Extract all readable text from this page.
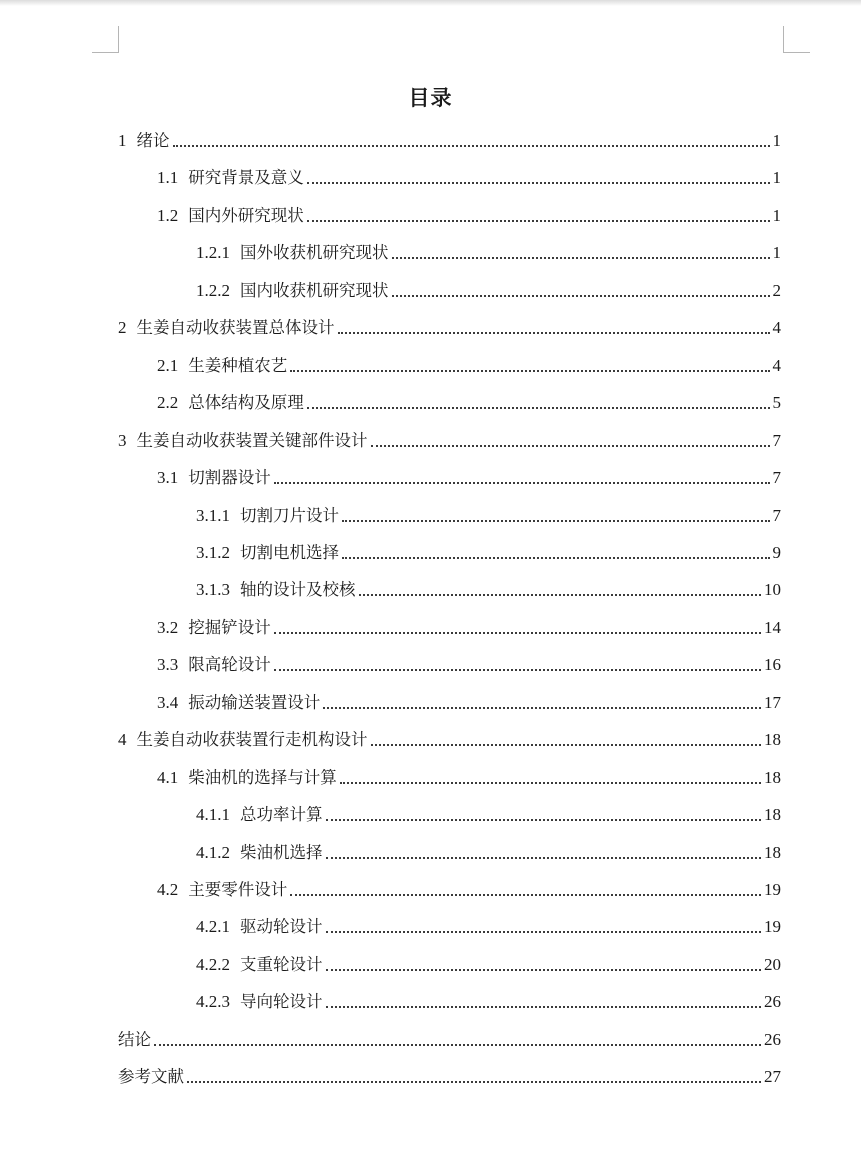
目录
1 绪论	1
1.1 研究背景及意义	1
1.2 国内外研究现状	1
1.2.1 国外收获机研究现状	1
1.2.2 国内收获机研究现状	2
2 生姜自动收获装置总体设计	4
2.1 生姜种植农艺	4
2.2 总体结构及原理	5
3 生姜自动收获装置关键部件设计	7
3.1 切割器设计	7
3.1.1 切割刀片设计	7
3.1.2 切割电机选择	9
3.1.3 轴的设计及校核	10
3.2 挖掘铲设计	14
3.3 限高轮设计	16
3.4 振动输送装置设计	17
4 生姜自动收获装置行走机构设计	18
4.1 柴油机的选择与计算	18
4.1.1 总功率计算	18
4.1.2 柴油机选择	18
4.2 主要零件设计	19
4.2.1 驱动轮设计	19
4.2.2 支重轮设计	20
4.2.3 导向轮设计	26
结论	26
参考文献	27
